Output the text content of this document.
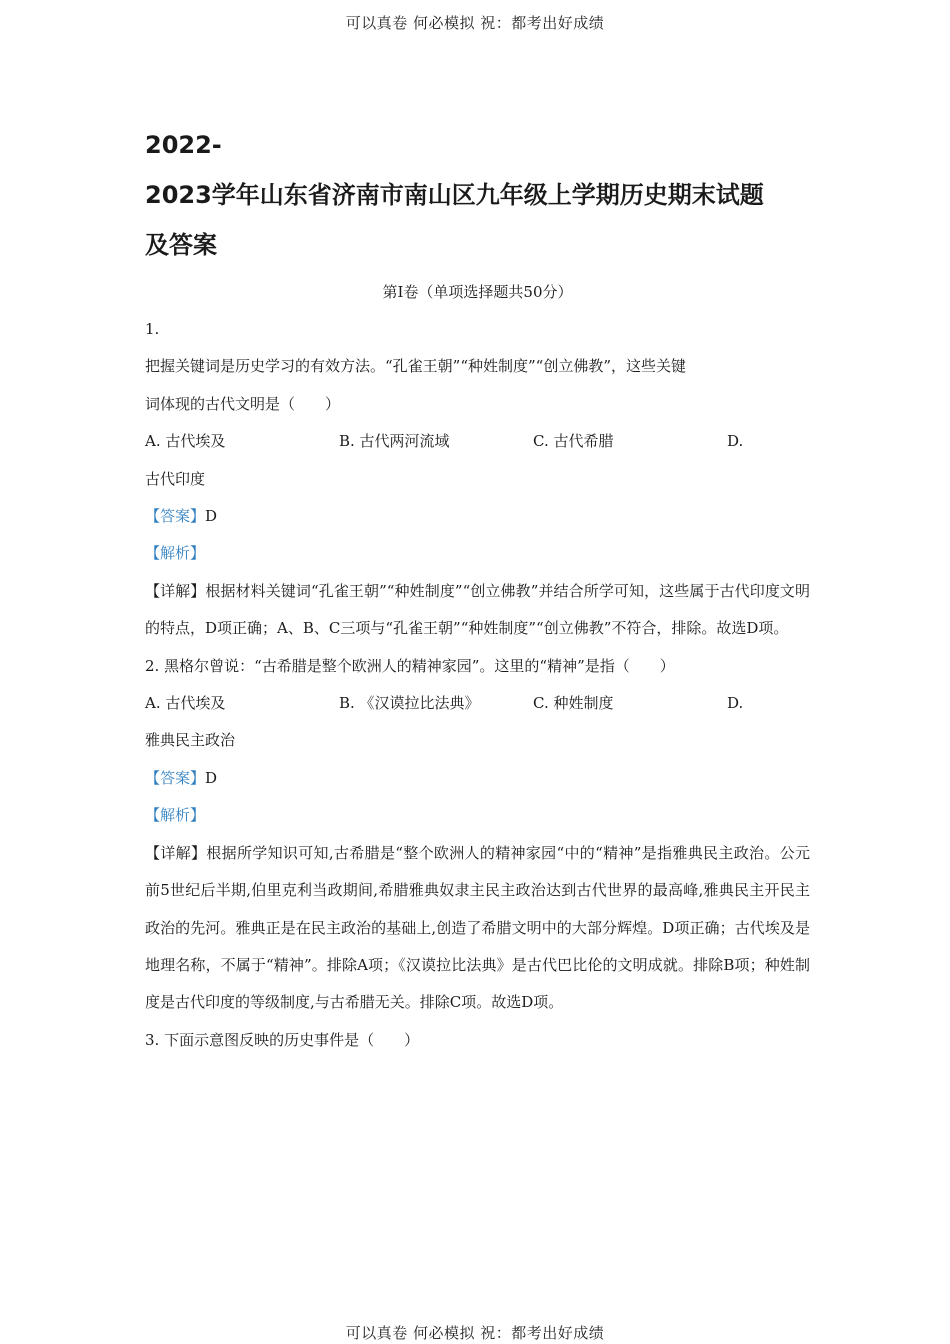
可以真卷 何必模拟 祝：都考出好成绩
2022-
2023学年山东省济南市南山区九年级上学期历史期末试题
及答案
第Ⅰ卷（单项选择题共50分）
1.
把握关键词是历史学习的有效方法。“孔雀王朝”“种姓制度”“创立佛教”，这些关键
词体现的古代文明是（　　）
A. 古代埃及	B. 古代两河流域	C. 古代希腊	D.
古代印度
【答案】D
【解析】

【详解】根据材料关键词“孔雀王朝”“种姓制度”“创立佛教”并结合所学可知，这些属于古代印度文明的特点，D项正确；A、B、C三项与“孔雀王朝”“种姓制度”“创立佛教”不符合，排除。故选D项。

2. 黑格尔曾说：“古希腊是整个欧洲人的精神家园”。这里的“精神”是指（　　）
A. 古代埃及	B. 《汉谟拉比法典》	C. 种姓制度	D.
雅典民主政治
【答案】D
【解析】

【详解】根据所学知识可知,古希腊是“整个欧洲人的精神家园“中的“精神”是指雅典民主政治。公元前5世纪后半期,伯里克利当政期间,希腊雅典奴隶主民主政治达到古代世界的最高峰,雅典民主开民主政治的先河。雅典正是在民主政治的基础上,创造了希腊文明中的大部分辉煌。D项正确；古代埃及是地理名称，不属于“精神”。排除A项；《汉谟拉比法典》是古代巴比伦的文明成就。排除B项；种姓制度是古代印度的等级制度,与古希腊无关。排除C项。故选D项。

3. 下面示意图反映的历史事件是（　　）
可以真卷 何必模拟 祝：都考出好成绩
